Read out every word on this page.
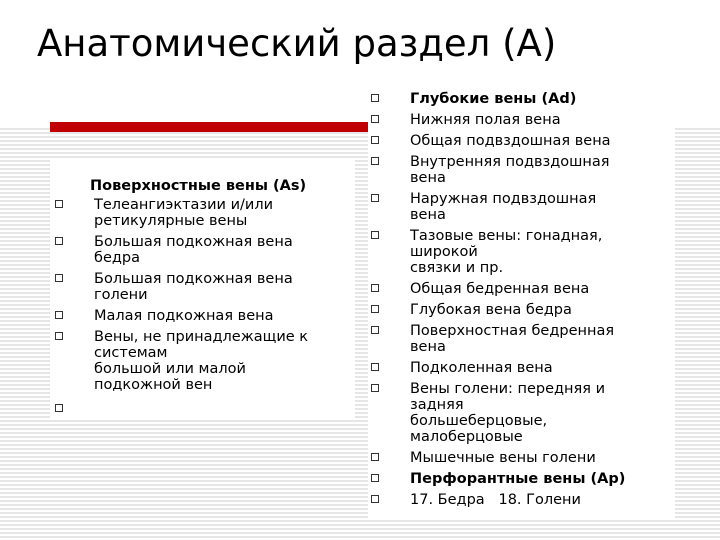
Анатомический раздел (A)
Поверхностные вены (As)
Телеангиэктазии и/или
ретикулярные вены
Большая подкожная вена
бедра
Большая подкожная вена
голени
Малая подкожная вена
Вены, не принадлежащие к
системам
большой или малой
подкожной вен

Глубокие вены (Ad)
Нижняя полая вена
Общая подвздошная вена
Внутренняя подвздошная
вена
Наружная подвздошная
вена
Тазовые вены: гонадная,
широкой
связки и пр.
Общая бедренная вена
Глубокая вена бедра
Поверхностная бедренная
вена
Подколенная вена
Вены голени: передняя и
задняя
большеберцовые,
малоберцовые
Мышечные вены голени
Перфорантные вены (Ap)
17. Бедра   18. Голени
